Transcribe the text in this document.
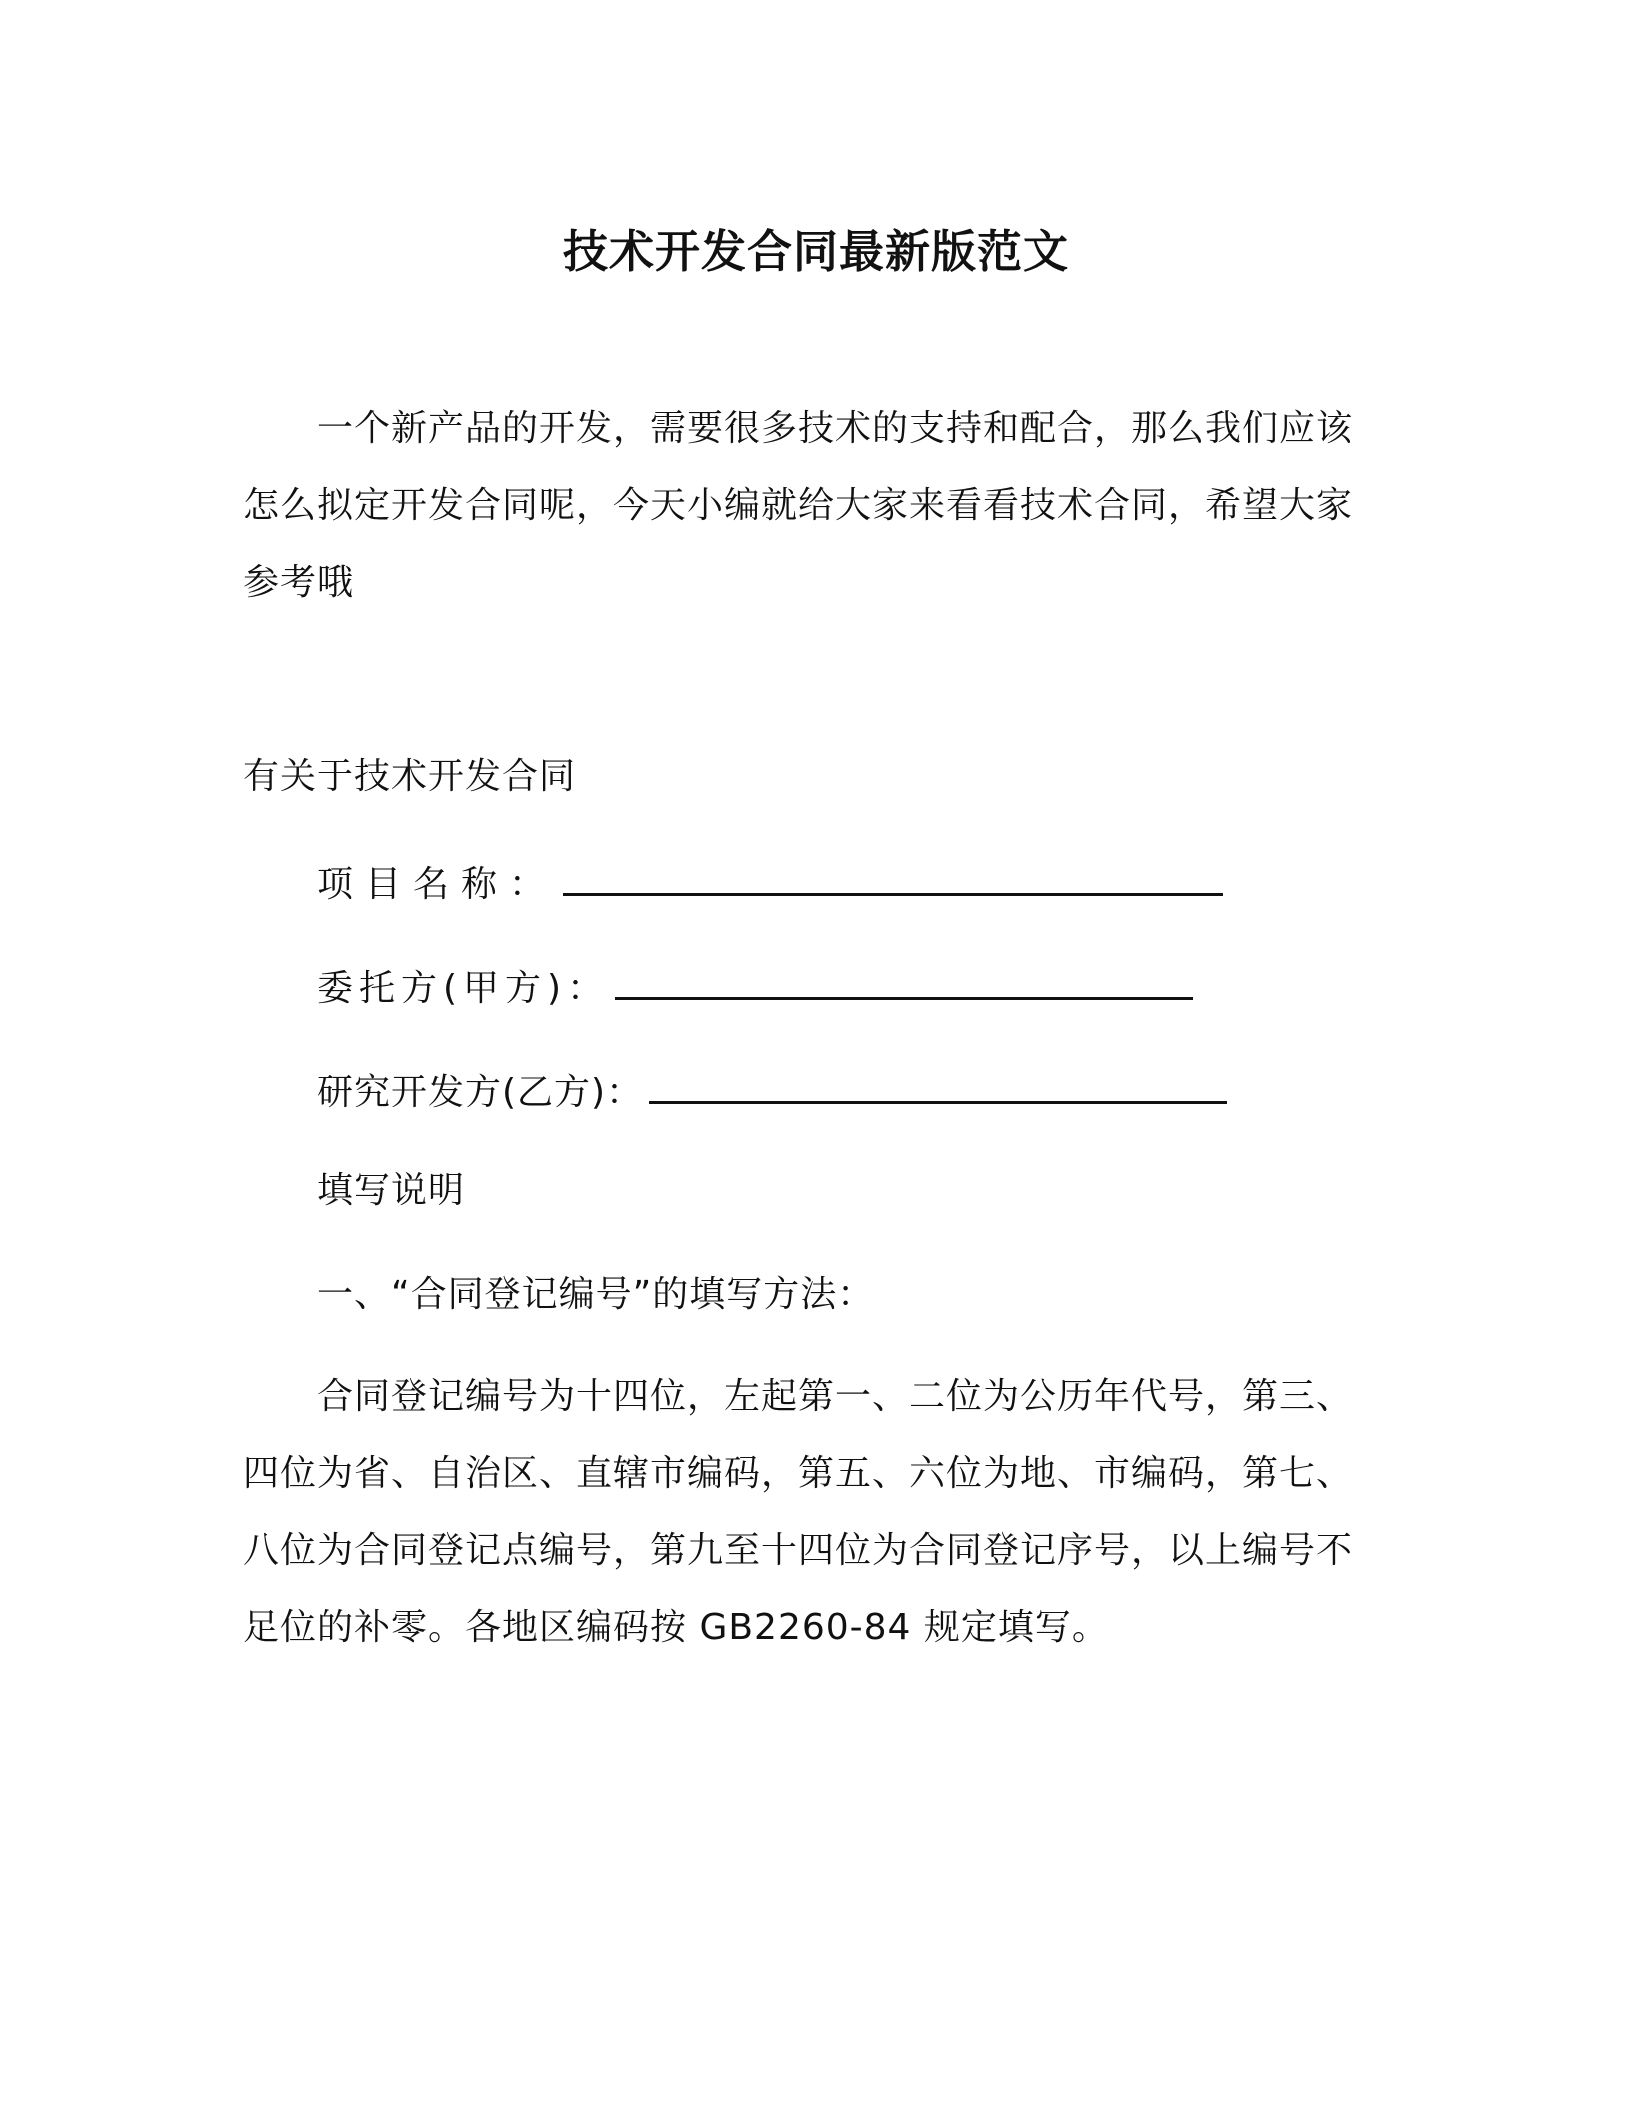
技术开发合同最新版范文

一个新产品的开发，需要很多技术的支持和配合，那么我们应该怎么拟定开发合同呢，今天小编就给大家来看看技术合同，希望大家参考哦

有关于技术开发合同

项目名称：
委托方(甲方)：
研究开发方(乙方)：

填写说明

一、“合同登记编号”的填写方法：

合同登记编号为十四位，左起第一、二位为公历年代号，第三、四位为省、自治区、直辖市编码，第五、六位为地、市编码，第七、八位为合同登记点编号，第九至十四位为合同登记序号，以上编号不足位的补零。各地区编码按 GB2260-84 规定填写。
